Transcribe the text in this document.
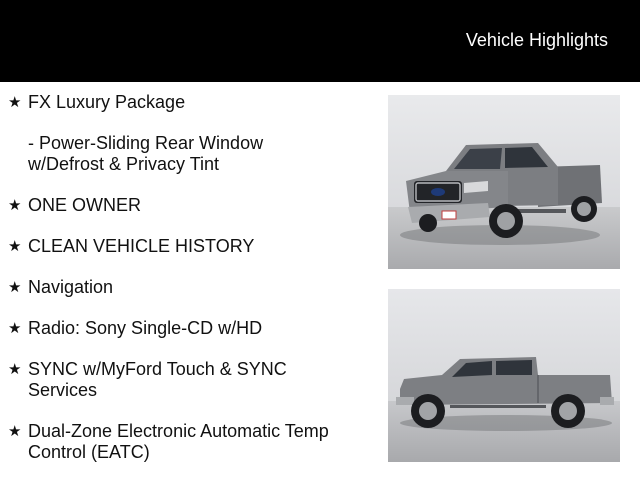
Vehicle Highlights
★ FX Luxury Package
- Power-Sliding Rear Window w/Defrost & Privacy Tint
★ ONE OWNER
★ CLEAN VEHICLE HISTORY
★ Navigation
★ Radio: Sony Single-CD w/HD
★ SYNC w/MyFord Touch & SYNC Services
★ Dual-Zone Electronic Automatic Temp Control (EATC)
